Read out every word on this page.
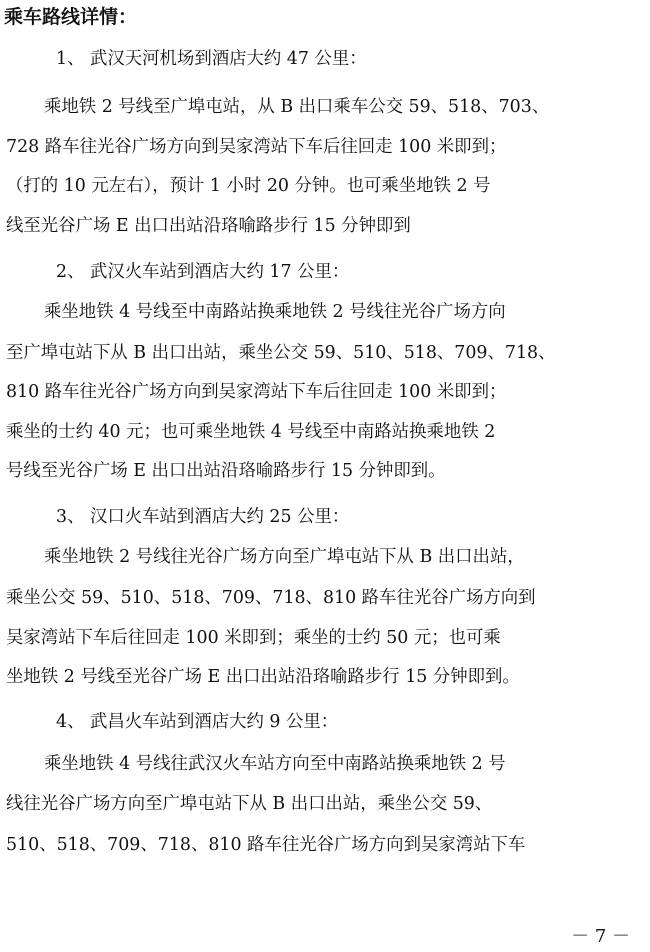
乘车路线详情：
1、 武汉天河机场到酒店大约 47 公里：
乘地铁 2 号线至广埠屯站，从 B 出口乘车公交 59、518、703、
728 路车往光谷广场方向到吴家湾站下车后往回走 100 米即到；
（打的 10 元左右），预计 1 小时 20 分钟。也可乘坐地铁 2 号
线至光谷广场 E 出口出站沿珞喻路步行 15 分钟即到
2、 武汉火车站到酒店大约 17 公里：
乘坐地铁 4 号线至中南路站换乘地铁 2 号线往光谷广场方向
至广埠屯站下从 B 出口出站，乘坐公交 59、510、518、709、718、
810 路车往光谷广场方向到吴家湾站下车后往回走 100 米即到；
乘坐的士约 40 元；也可乘坐地铁 4 号线至中南路站换乘地铁 2
号线至光谷广场 E 出口出站沿珞喻路步行 15 分钟即到。
3、 汉口火车站到酒店大约 25 公里：
乘坐地铁 2 号线往光谷广场方向至广埠屯站下从 B 出口出站，
乘坐公交 59、510、518、709、718、810 路车往光谷广场方向到
吴家湾站下车后往回走 100 米即到；乘坐的士约 50 元；也可乘
坐地铁 2 号线至光谷广场 E 出口出站沿珞喻路步行 15 分钟即到。
4、 武昌火车站到酒店大约 9 公里：
乘坐地铁 4 号线往武汉火车站方向至中南路站换乘地铁 2 号
线往光谷广场方向至广埠屯站下从 B 出口出站，乘坐公交 59、
510、518、709、718、810 路车往光谷广场方向到吴家湾站下车
－ 7 －
